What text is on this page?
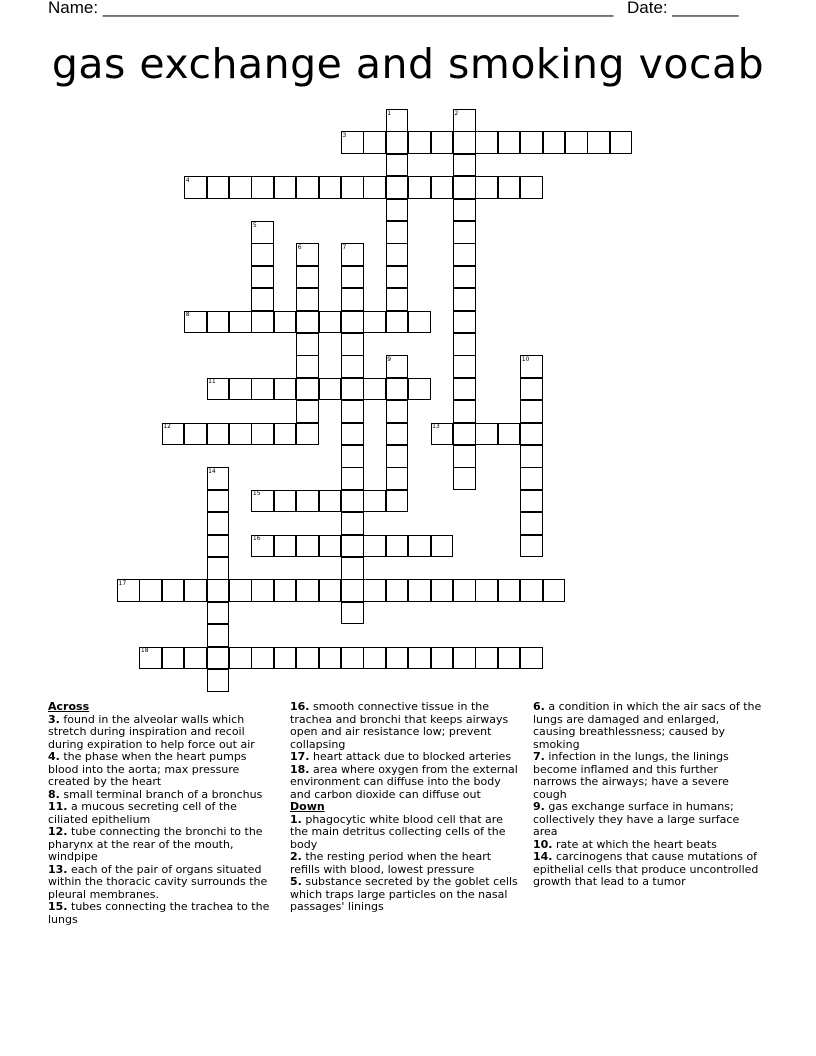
Name: ______________________________________________________ Date: _______
gas exchange and smoking vocab
1	2
3
4
5
6	7
8
9	10
11
12	13
14
15
16
17
18
Across
3. found in the alveolar walls which stretch during inspiration and recoil during expiration to help force out air
4. the phase when the heart pumps blood into the aorta; max pressure created by the heart
8. small terminal branch of a bronchus
11. a mucous secreting cell of the ciliated epithelium
12. tube connecting the bronchi to the pharynx at the rear of the mouth, windpipe
13. each of the pair of organs situated within the thoracic cavity surrounds the pleural membranes.
15. tubes connecting the trachea to the lungs
16. smooth connective tissue in the trachea and bronchi that keeps airways open and air resistance low; prevent collapsing
17. heart attack due to blocked arteries
18. area where oxygen from the external environment can diffuse into the body and carbon dioxide can diffuse out
Down
1. phagocytic white blood cell that are the main detritus collecting cells of the body
2. the resting period when the heart refills with blood, lowest pressure
5. substance secreted by the goblet cells which traps large particles on the nasal passages' linings
6. a condition in which the air sacs of the lungs are damaged and enlarged, causing breathlessness; caused by smoking
7. infection in the lungs, the linings become inflamed and this further narrows the airways; have a severe cough
9. gas exchange surface in humans; collectively they have a large surface area
10. rate at which the heart beats
14. carcinogens that cause mutations of epithelial cells that produce uncontrolled growth that lead to a tumor
